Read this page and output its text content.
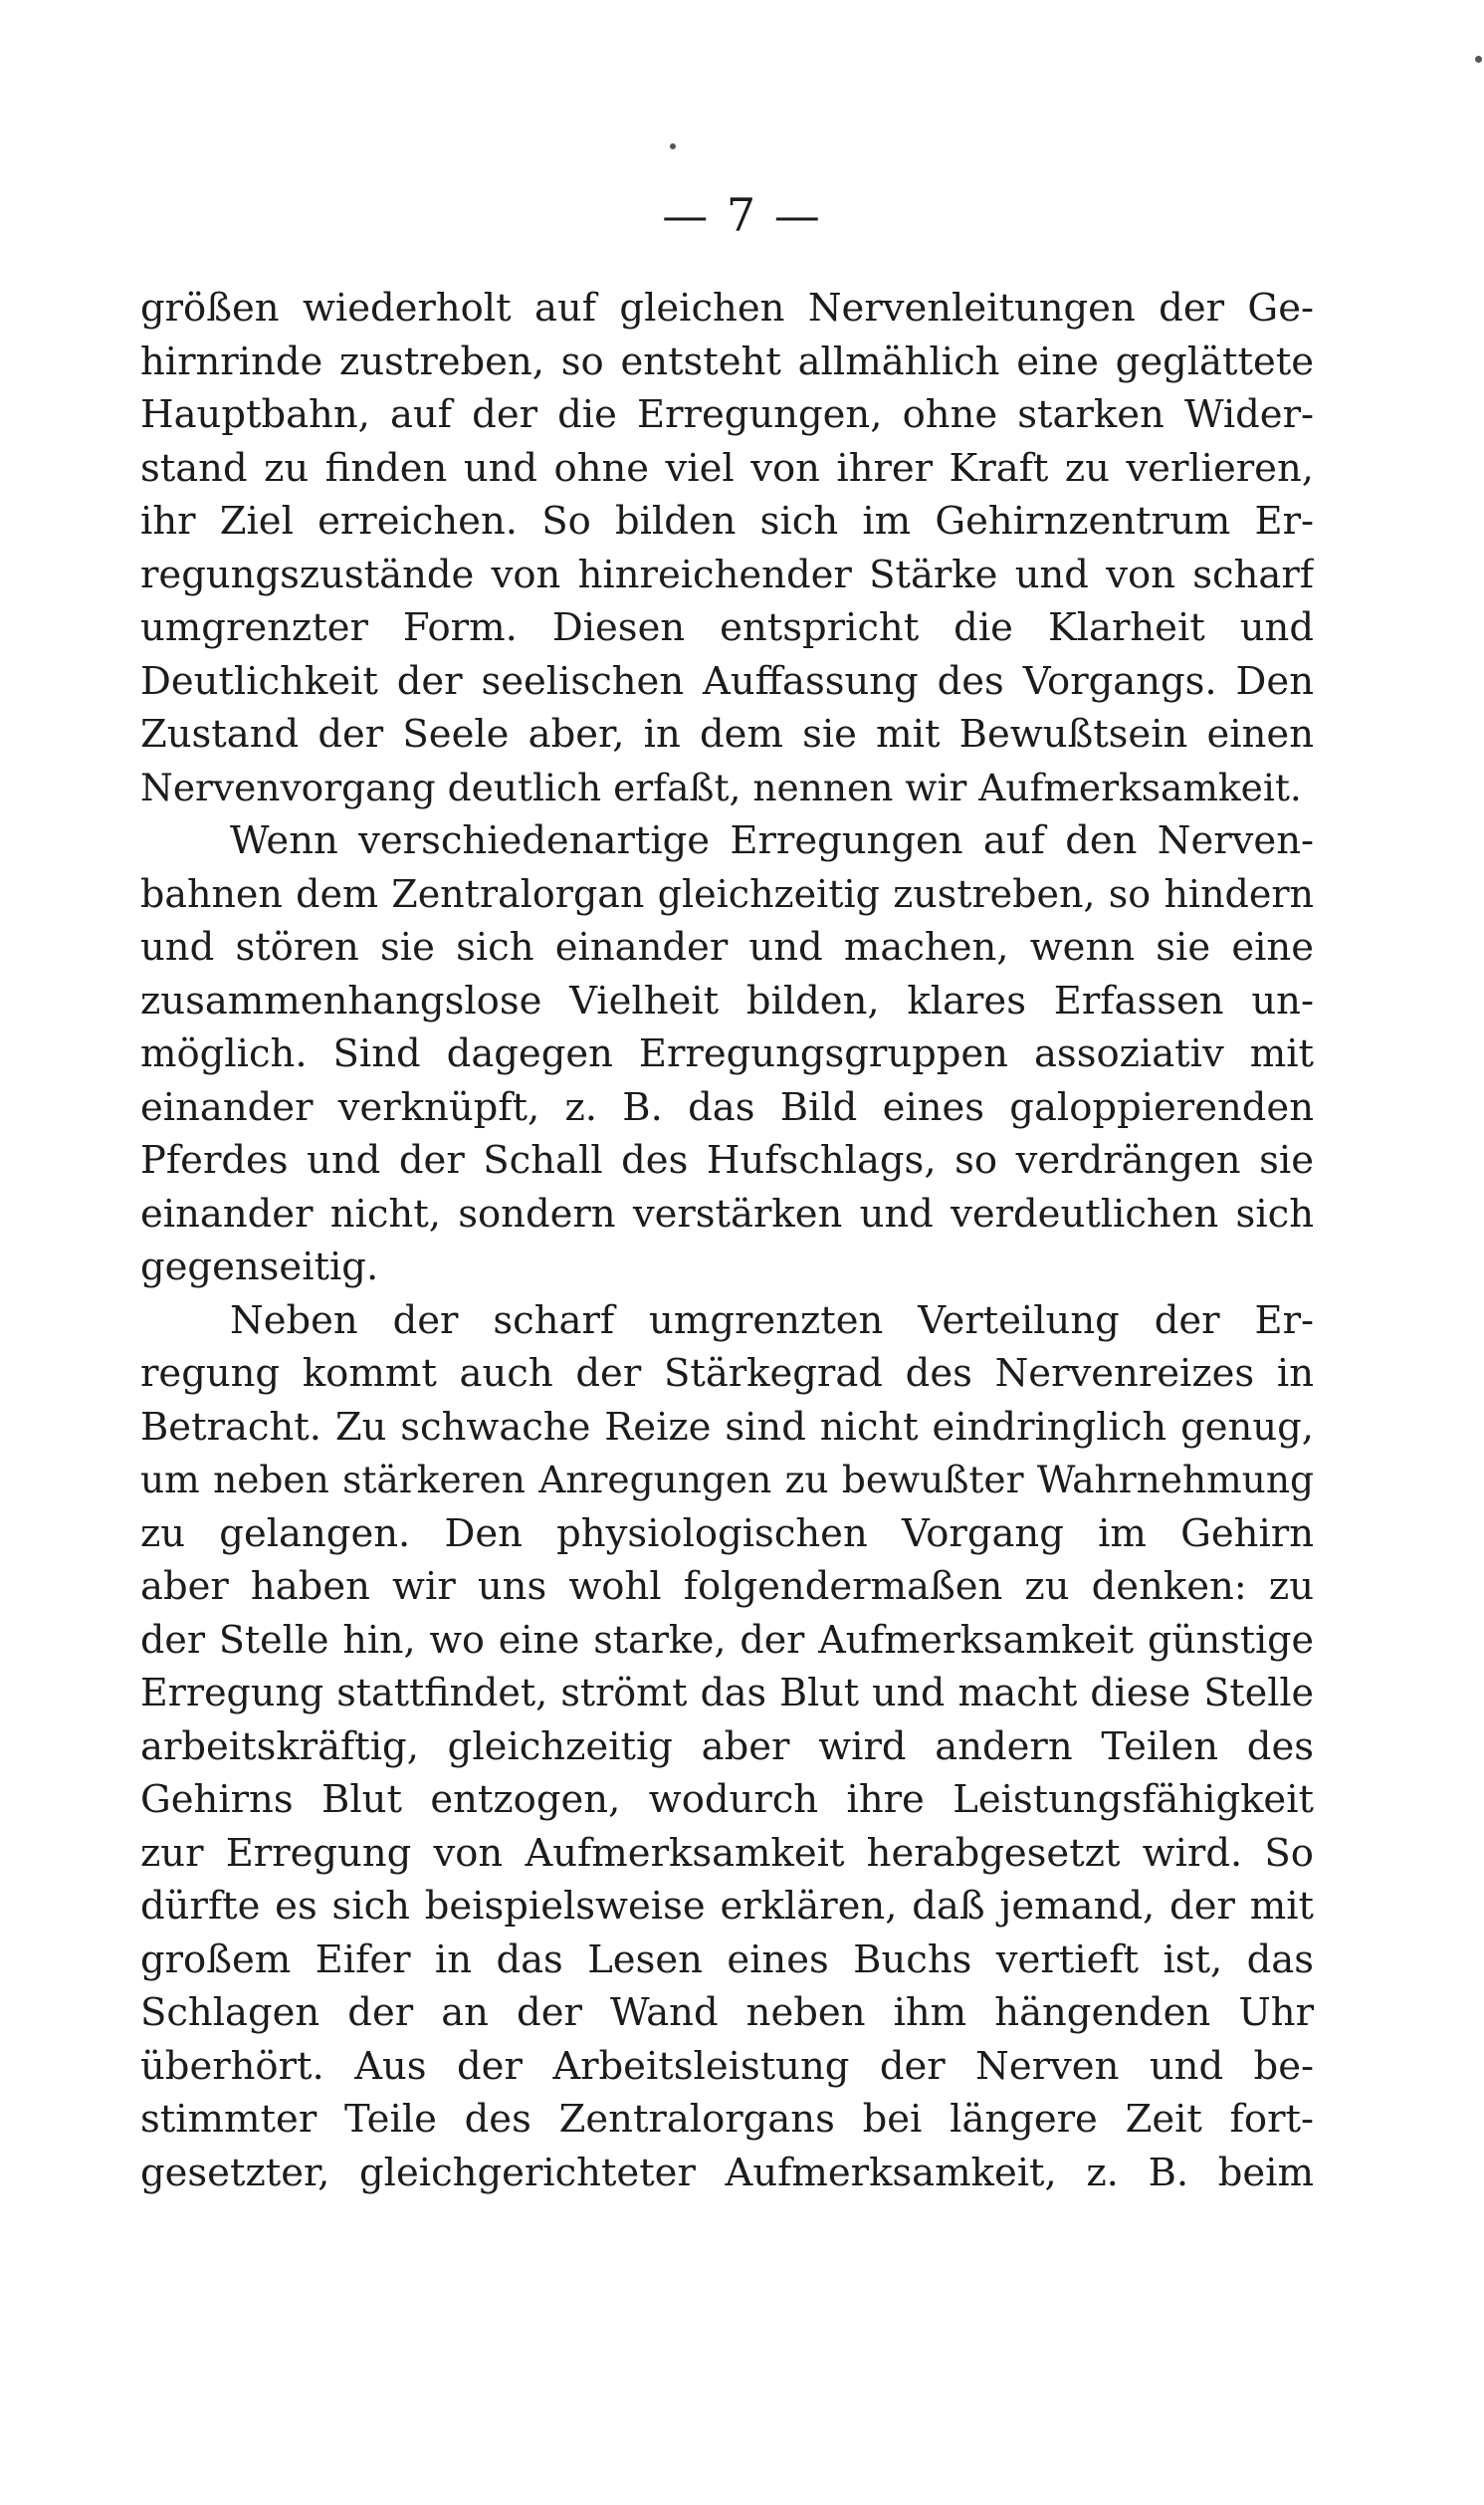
— 7 —
größen wiederholt auf gleichen Nervenleitungen der Ge-
hirnrinde zustreben, so entsteht allmählich eine geglättete
Hauptbahn, auf der die Erregungen, ohne starken Wider-
stand zu finden und ohne viel von ihrer Kraft zu verlieren,
ihr Ziel erreichen. So bilden sich im Gehirnzentrum Er-
regungszustände von hinreichender Stärke und von scharf
umgrenzter Form. Diesen entspricht die Klarheit und
Deutlichkeit der seelischen Auffassung des Vorgangs. Den
Zustand der Seele aber, in dem sie mit Bewußtsein einen
Nervenvorgang deutlich erfaßt, nennen wir Aufmerksamkeit.
Wenn verschiedenartige Erregungen auf den Nerven-
bahnen dem Zentralorgan gleichzeitig zustreben, so hindern
und stören sie sich einander und machen, wenn sie eine
zusammenhangslose Vielheit bilden, klares Erfassen un-
möglich. Sind dagegen Erregungsgruppen assoziativ mit
einander verknüpft, z. B. das Bild eines galoppierenden
Pferdes und der Schall des Hufschlags, so verdrängen sie
einander nicht, sondern verstärken und verdeutlichen sich
gegenseitig.
Neben der scharf umgrenzten Verteilung der Er-
regung kommt auch der Stärkegrad des Nervenreizes in
Betracht. Zu schwache Reize sind nicht eindringlich genug,
um neben stärkeren Anregungen zu bewußter Wahrnehmung
zu gelangen. Den physiologischen Vorgang im Gehirn
aber haben wir uns wohl folgendermaßen zu denken: zu
der Stelle hin, wo eine starke, der Aufmerksamkeit günstige
Erregung stattfindet, strömt das Blut und macht diese Stelle
arbeitskräftig, gleichzeitig aber wird andern Teilen des
Gehirns Blut entzogen, wodurch ihre Leistungsfähigkeit
zur Erregung von Aufmerksamkeit herabgesetzt wird. So
dürfte es sich beispielsweise erklären, daß jemand, der mit
großem Eifer in das Lesen eines Buchs vertieft ist, das
Schlagen der an der Wand neben ihm hängenden Uhr
überhört. Aus der Arbeitsleistung der Nerven und be-
stimmter Teile des Zentralorgans bei längere Zeit fort-
gesetzter, gleichgerichteter Aufmerksamkeit, z. B. beim
